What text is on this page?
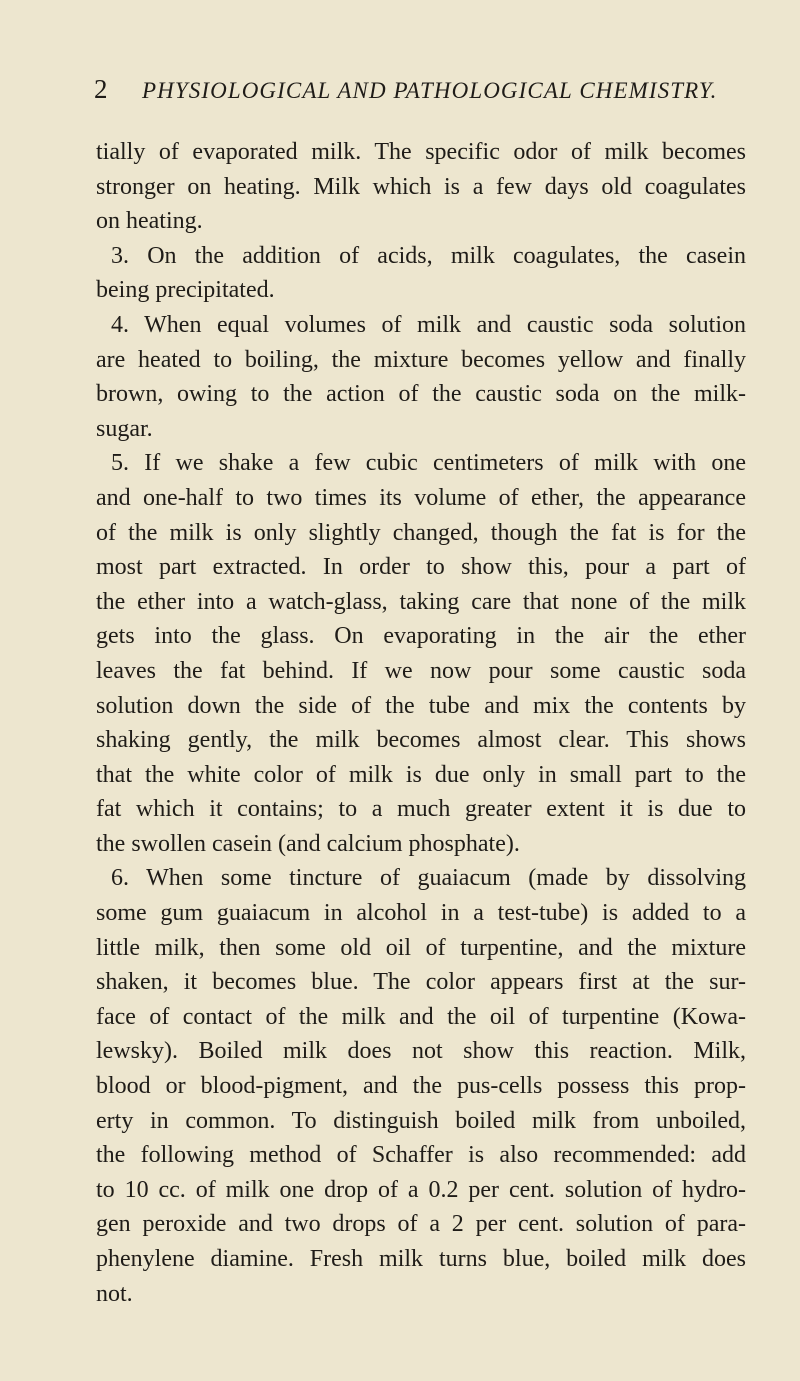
2	PHYSIOLOGICAL AND PATHOLOGICAL CHEMISTRY.
tially of evaporated milk. The specific odor of milk becomes
stronger on heating. Milk which is a few days old coagulates
on heating.
3. On the addition of acids, milk coagulates, the casein
being precipitated.
4. When equal volumes of milk and caustic soda solution
are heated to boiling, the mixture becomes yellow and finally
brown, owing to the action of the caustic soda on the milk-
sugar.
5. If we shake a few cubic centimeters of milk with one
and one-half to two times its volume of ether, the appearance
of the milk is only slightly changed, though the fat is for the
most part extracted. In order to show this, pour a part of
the ether into a watch-glass, taking care that none of the milk
gets into the glass. On evaporating in the air the ether
leaves the fat behind. If we now pour some caustic soda
solution down the side of the tube and mix the contents by
shaking gently, the milk becomes almost clear. This shows
that the white color of milk is due only in small part to the
fat which it contains; to a much greater extent it is due to
the swollen casein (and calcium phosphate).
6. When some tincture of guaiacum (made by dissolving
some gum guaiacum in alcohol in a test-tube) is added to a
little milk, then some old oil of turpentine, and the mixture
shaken, it becomes blue. The color appears first at the sur-
face of contact of the milk and the oil of turpentine (Kowa-
lewsky). Boiled milk does not show this reaction. Milk,
blood or blood-pigment, and the pus-cells possess this prop-
erty in common. To distinguish boiled milk from unboiled,
the following method of Schaffer is also recommended: add
to 10 cc. of milk one drop of a 0.2 per cent. solution of hydro-
gen peroxide and two drops of a 2 per cent. solution of para-
phenylene diamine. Fresh milk turns blue, boiled milk does
not.
